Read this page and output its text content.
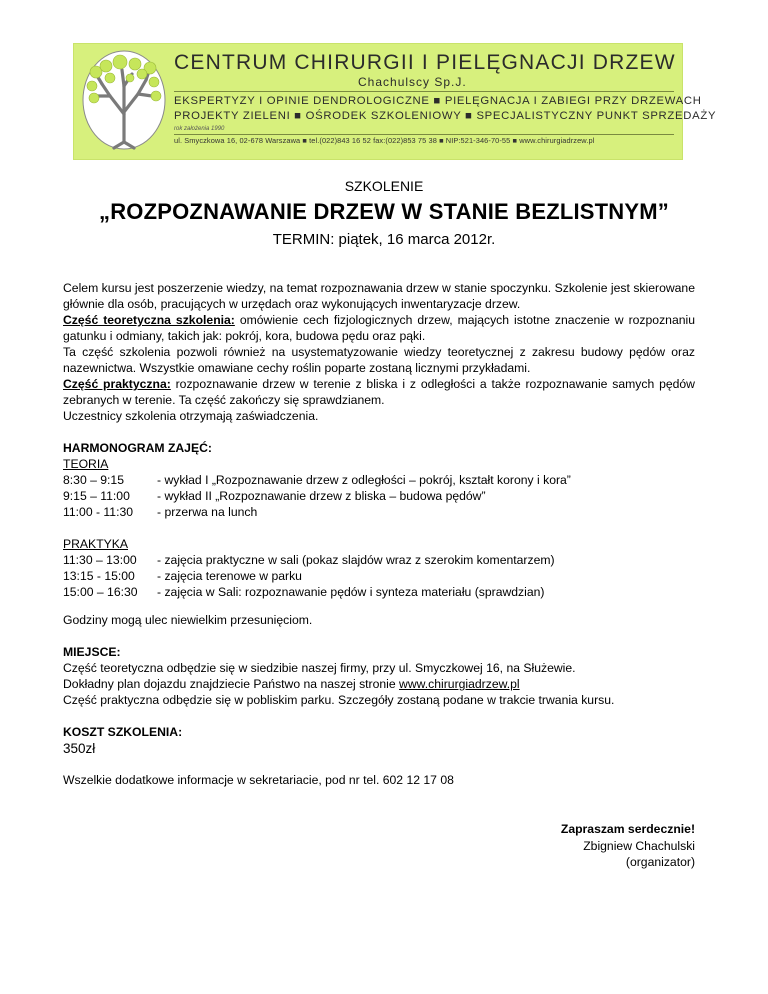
CENTRUM CHIRURGII I PIELĘGNACJI DRZEW
Chachulscy Sp.J.
EKSPERTYZY I OPINIE DENDROLOGICZNE ■ PIELĘGNACJA I ZABIEGI PRZY DRZEWACH
PROJEKTY ZIELENI ■ OŚRODEK SZKOLENIOWY ■ SPECJALISTYCZNY PUNKT SPRZEDAŻY
rok założenia 1990
ul. Smyczkowa 16, 02-678 Warszawa ■ tel.(022)843 16 52 fax:(022)853 75 38 ■ NIP:521-346-70-55 ■ www.chirurgiadrzew.pl
SZKOLENIE
„ROZPOZNAWANIE DRZEW W STANIE BEZLISTNYM”
TERMIN: piątek, 16 marca 2012r.
Celem kursu jest poszerzenie wiedzy, na temat rozpoznawania drzew w stanie spoczynku. Szkolenie jest skierowane głównie dla osób, pracujących w urzędach oraz wykonujących inwentaryzacje drzew.
Część teoretyczna szkolenia: omówienie cech fizjologicznych drzew, mających istotne znaczenie w rozpoznaniu gatunku i odmiany, takich jak: pokrój, kora, budowa pędu oraz pąki.
Ta część szkolenia pozwoli również na usystematyzowanie wiedzy teoretycznej z zakresu budowy pędów oraz nazewnictwa. Wszystkie omawiane cechy roślin poparte zostaną licznymi przykładami.
Część praktyczna: rozpoznawanie drzew w terenie z bliska i z odległości a także rozpoznawanie samych pędów zebranych w terenie. Ta część zakończy się sprawdzianem.
Uczestnicy szkolenia otrzymają zaświadczenia.
HARMONOGRAM ZAJĘĆ:
TEORIA
8:30 – 9:15	- wykład I „Rozpoznawanie drzew z odległości – pokrój, kształt korony i kora”
9:15 – 11:00	- wykład II „Rozpoznawanie drzew z bliska – budowa pędów”
11:00 - 11:30	- przerwa na lunch
PRAKTYKA
11:30 – 13:00	- zajęcia praktyczne w sali (pokaz slajdów wraz z szerokim komentarzem)
13:15 - 15:00	- zajęcia terenowe w parku
15:00 – 16:30	- zajęcia w Sali: rozpoznawanie pędów i synteza materiału (sprawdzian)
Godziny mogą ulec niewielkim przesunięciom.
MIEJSCE:
Część teoretyczna odbędzie się w siedzibie naszej firmy, przy ul. Smyczkowej 16, na Służewie.
Dokładny plan dojazdu znajdziecie Państwo na naszej stronie www.chirurgiadrzew.pl
Część praktyczna odbędzie się w pobliskim parku. Szczegóły zostaną podane w trakcie trwania kursu.
KOSZT SZKOLENIA:
350zł
Wszelkie dodatkowe informacje w sekretariacie, pod nr tel. 602 12 17 08
Zapraszam serdecznie!
Zbigniew Chachulski
(organizator)
